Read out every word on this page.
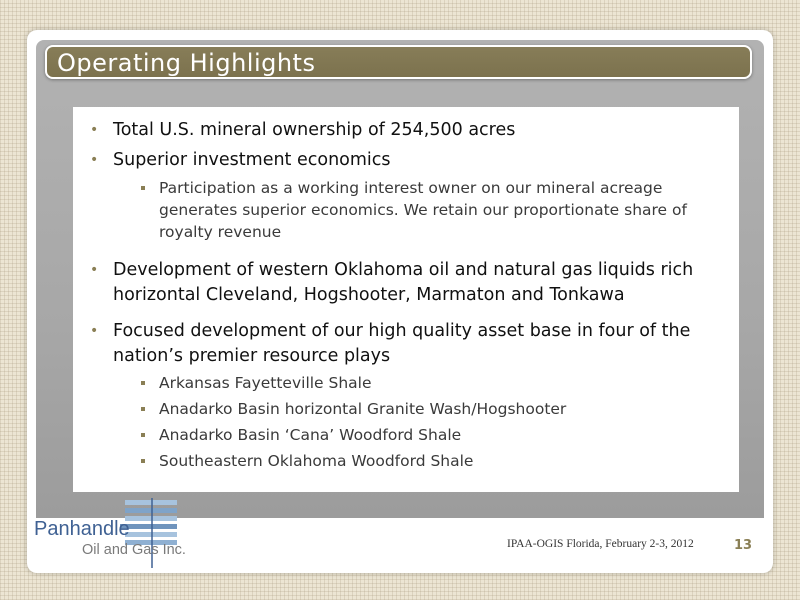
Operating Highlights
• Total U.S. mineral ownership of 254,500 acres
• Superior investment economics
Participation as a working interest owner on our mineral acreage generates superior economics. We retain our proportionate share of royalty revenue
• Development of western Oklahoma oil and natural gas liquids rich horizontal Cleveland, Hogshooter, Marmaton and Tonkawa
• Focused development of our high quality asset base in four of the nation’s premier resource plays
Arkansas Fayetteville Shale
Anadarko Basin horizontal Granite Wash/Hogshooter
Anadarko Basin ‘Cana’ Woodford Shale
Southeastern Oklahoma Woodford Shale
Panhandle
Oil and Gas Inc.	IPAA-OGIS Florida, February 2-3, 2012	13
